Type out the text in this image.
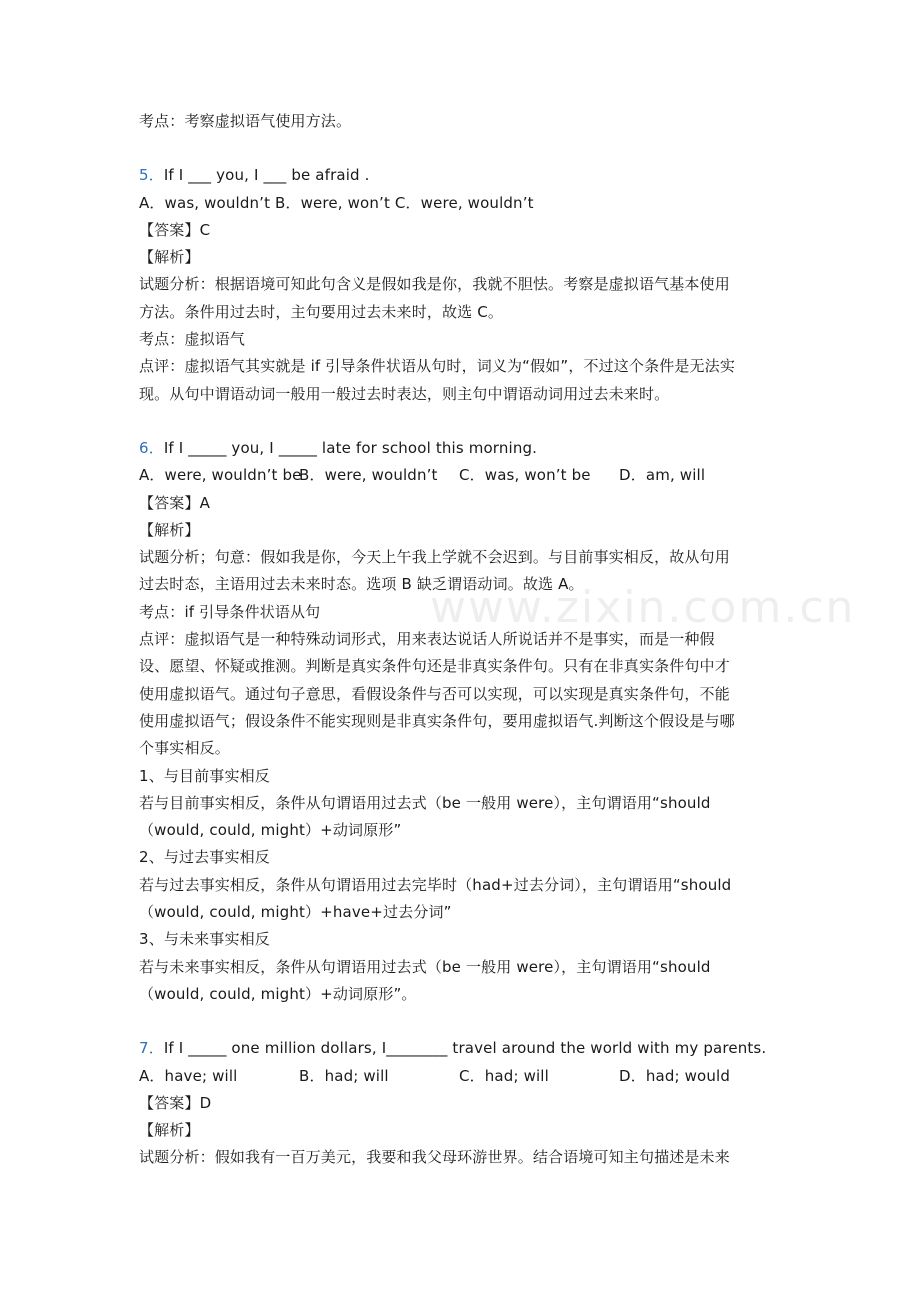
www.zixin.com.cn
考点：考察虚拟语气使用方法。
5．If I ___ you, I ___ be afraid .
A．was, wouldn’t B．were, won’t C．were, wouldn’t
【答案】C
【解析】
试题分析：根据语境可知此句含义是假如我是你，我就不胆怯。考察是虚拟语气基本使用
方法。条件用过去时，主句要用过去未来时，故选 C。
考点：虚拟语气
点评：虚拟语气其实就是 if 引导条件状语从句时，词义为“假如”，不过这个条件是无法实
现。从句中谓语动词一般用一般过去时表达，则主句中谓语动词用过去未来时。
6．If I _____ you, I _____ late for school this morning.
A．were, wouldn’t beB．were, wouldn’t C．was, won’t be D．am, will
【答案】A
【解析】
试题分析；句意：假如我是你，今天上午我上学就不会迟到。与目前事实相反，故从句用
过去时态，主语用过去未来时态。选项 B 缺乏谓语动词。故选 A。
考点：if 引导条件状语从句
点评：虚拟语气是一种特殊动词形式，用来表达说话人所说话并不是事实，而是一种假
设、愿望、怀疑或推测。判断是真实条件句还是非真实条件句。只有在非真实条件句中才
使用虚拟语气。通过句子意思，看假设条件与否可以实现，可以实现是真实条件句，不能
使用虚拟语气；假设条件不能实现则是非真实条件句，要用虚拟语气.判断这个假设是与哪
个事实相反。
1、与目前事实相反
若与目前事实相反，条件从句谓语用过去式（be 一般用 were），主句谓语用“should
（would, could, might）+动词原形”
2、与过去事实相反
若与过去事实相反，条件从句谓语用过去完毕时（had+过去分词），主句谓语用“should
（would, could, might）+have+过去分词”
3、与未来事实相反
若与未来事实相反，条件从句谓语用过去式（be 一般用 were），主句谓语用“should
（would, could, might）+动词原形”。
7．If I _____ one million dollars, I________ travel around the world with my parents.
A．have; will	B．had; will	C．had; will	D．had; would
【答案】D
【解析】
试题分析：假如我有一百万美元，我要和我父母环游世界。结合语境可知主句描述是未来
